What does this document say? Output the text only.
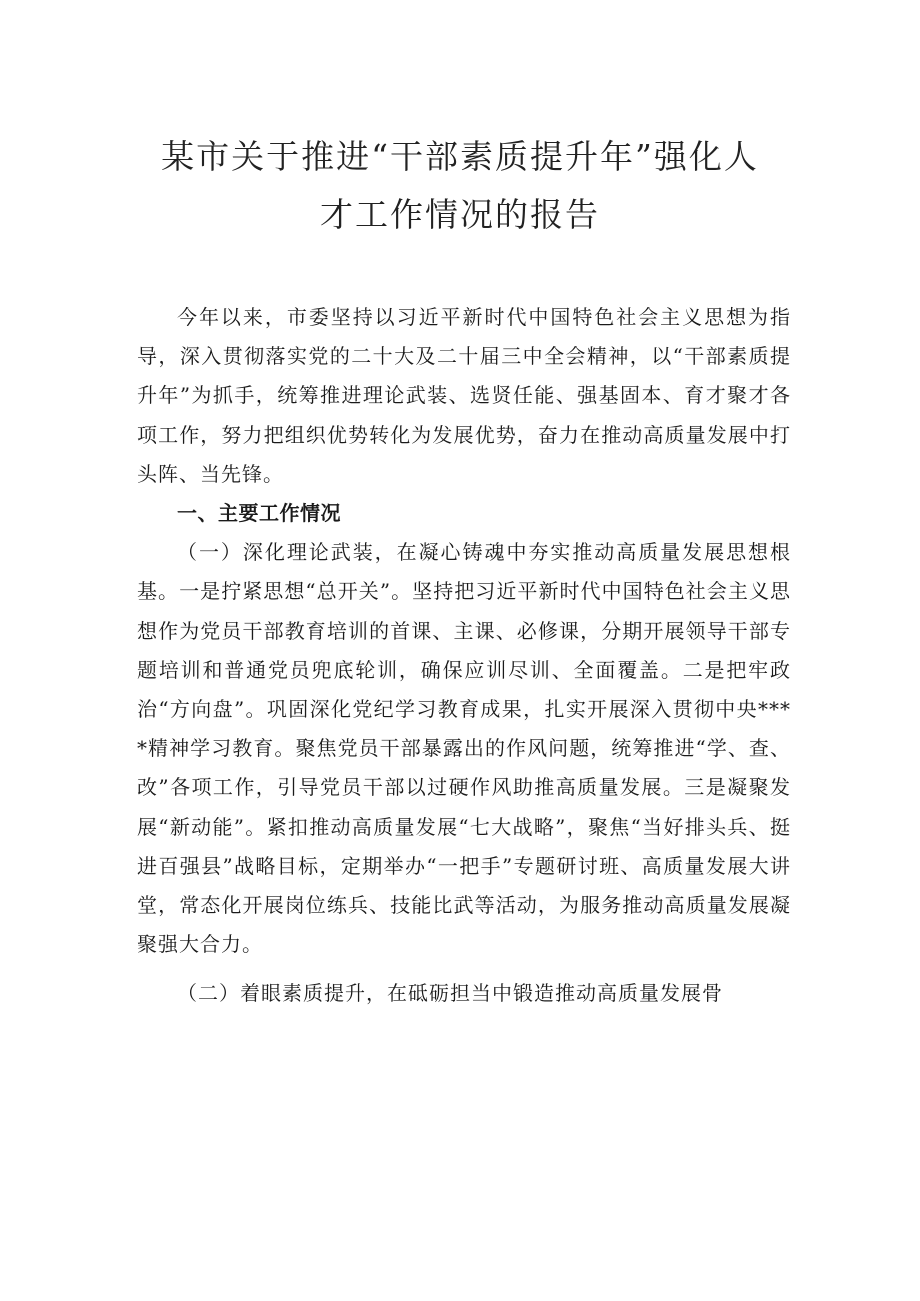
某市关于推进“干部素质提升年”强化人
才工作情况的报告

今年以来，市委坚持以习近平新时代中国特色社会主义思想为指导，深入贯彻落实党的二十大及二十届三中全会精神，以“干部素质提升年”为抓手，统筹推进理论武装、选贤任能、强基固本、育才聚才各项工作，努力把组织优势转化为发展优势，奋力在推动高质量发展中打头阵、当先锋。

一、主要工作情况

（一）深化理论武装，在凝心铸魂中夯实推动高质量发展思想根基。一是拧紧思想“总开关”。坚持把习近平新时代中国特色社会主义思想作为党员干部教育培训的首课、主课、必修课，分期开展领导干部专题培训和普通党员兜底轮训，确保应训尽训、全面覆盖。二是把牢政治“方向盘”。巩固深化党纪学习教育成果，扎实开展深入贯彻中央****精神学习教育。聚焦党员干部暴露出的作风问题，统筹推进“学、查、改”各项工作，引导党员干部以过硬作风助推高质量发展。三是凝聚发展“新动能”。紧扣推动高质量发展“七大战略”，聚焦“当好排头兵、挺进百强县”战略目标，定期举办“一把手”专题研讨班、高质量发展大讲堂，常态化开展岗位练兵、技能比武等活动，为服务推动高质量发展凝聚强大合力。

（二）着眼素质提升，在砥砺担当中锻造推动高质量发展骨
